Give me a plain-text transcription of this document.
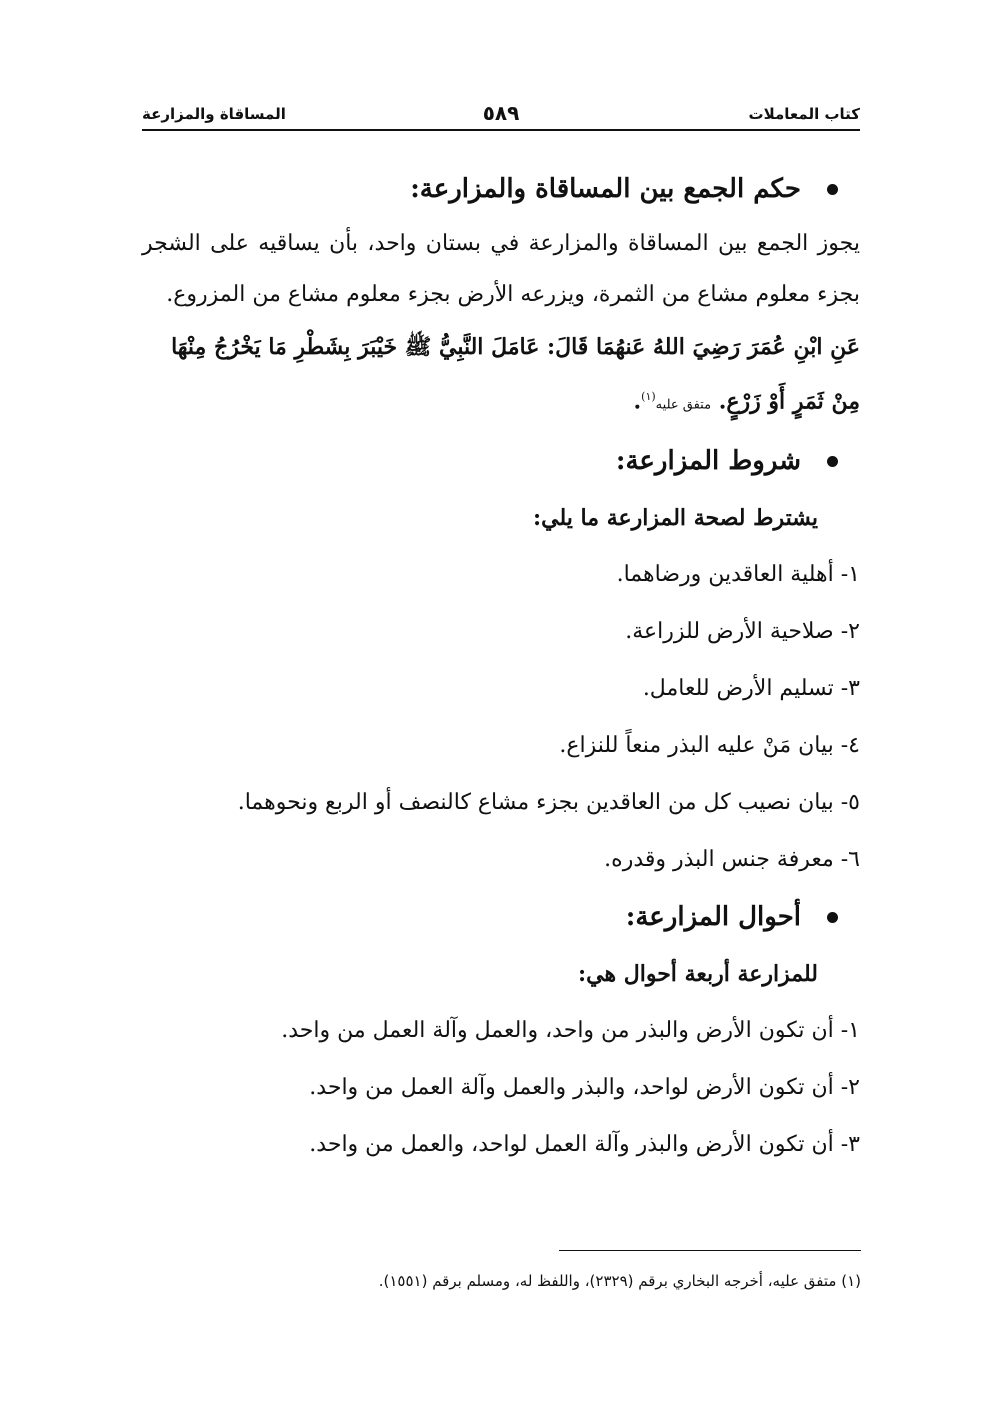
كتاب المعاملات
٥٨٩
المساقاة والمزارعة
حكم الجمع بين المساقاة والمزارعة:
يجوز الجمع بين المساقاة والمزارعة في بستان واحد، بأن يساقيه على الشجر بجزء معلوم مشاع من الثمرة، ويزرعه الأرض بجزء معلوم مشاع من المزروع.
عَنِ ابْنِ عُمَرَ رَضِيَ اللهُ عَنهُمَا قَالَ: عَامَلَ النَّبِيُّ ﷺ خَيْبَرَ بِشَطْرِ مَا يَخْرُجُ مِنْهَا مِنْ ثَمَرٍ أَوْ زَرْعٍ. متفق عليه$^{(١)}$.
شروط المزارعة:
يشترط لصحة المزارعة ما يلي:
١- أهلية العاقدين ورضاهما.
٢- صلاحية الأرض للزراعة.
٣- تسليم الأرض للعامل.
٤- بيان مَنْ عليه البذر منعاً للنزاع.
٥- بيان نصيب كل من العاقدين بجزء مشاع كالنصف أو الربع ونحوهما.
٦- معرفة جنس البذر وقدره.
أحوال المزارعة:
للمزارعة أربعة أحوال هي:
١- أن تكون الأرض والبذر من واحد، والعمل وآلة العمل من واحد.
٢- أن تكون الأرض لواحد، والبذر والعمل وآلة العمل من واحد.
٣- أن تكون الأرض والبذر وآلة العمل لواحد، والعمل من واحد.
(١) متفق عليه، أخرجه البخاري برقم (٢٣٢٩)، واللفظ له، ومسلم برقم (١٥٥١).
